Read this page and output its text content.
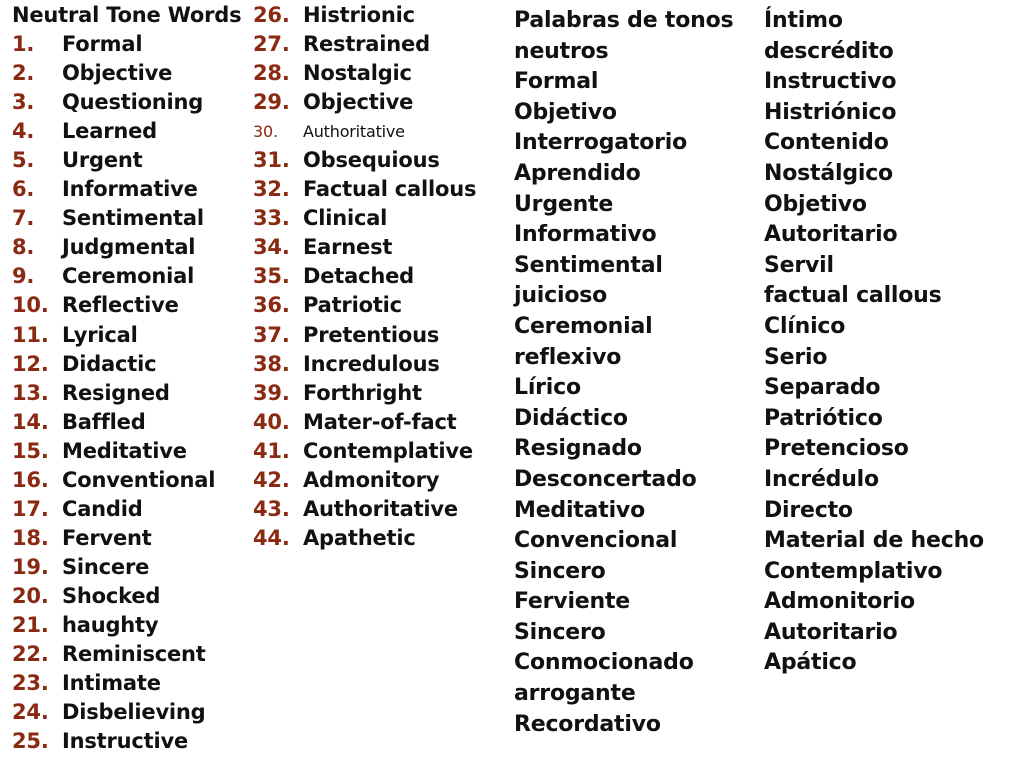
Neutral Tone Words
1. Formal
2. Objective
3. Questioning
4. Learned
5. Urgent
6. Informative
7. Sentimental
8. Judgmental
9. Ceremonial
10. Reflective
11. Lyrical
12. Didactic
13. Resigned
14. Baffled
15. Meditative
16. Conventional
17. Candid
18. Fervent
19. Sincere
20. Shocked
21. haughty
22. Reminiscent
23. Intimate
24. Disbelieving
25. Instructive
26. Histrionic
27. Restrained
28. Nostalgic
29. Objective
30. Authoritative
31. Obsequious
32. Factual callous
33. Clinical
34. Earnest
35. Detached
36. Patriotic
37. Pretentious
38. Incredulous
39. Forthright
40. Mater-of-fact
41. Contemplative
42. Admonitory
43. Authoritative
44. Apathetic
Palabras de tonos
neutros
Formal
Objetivo
Interrogatorio
Aprendido
Urgente
Informativo
Sentimental
juicioso
Ceremonial
reflexivo
Lírico
Didáctico
Resignado
Desconcertado
Meditativo
Convencional
Sincero
Ferviente
Sincero
Conmocionado
arrogante
Recordativo
Íntimo
descrédito
Instructivo
Histriónico
Contenido
Nostálgico
Objetivo
Autoritario
Servil
factual callous
Clínico
Serio
Separado
Patriótico
Pretencioso
Incrédulo
Directo
Material de hecho
Contemplativo
Admonitorio
Autoritario
Apático
